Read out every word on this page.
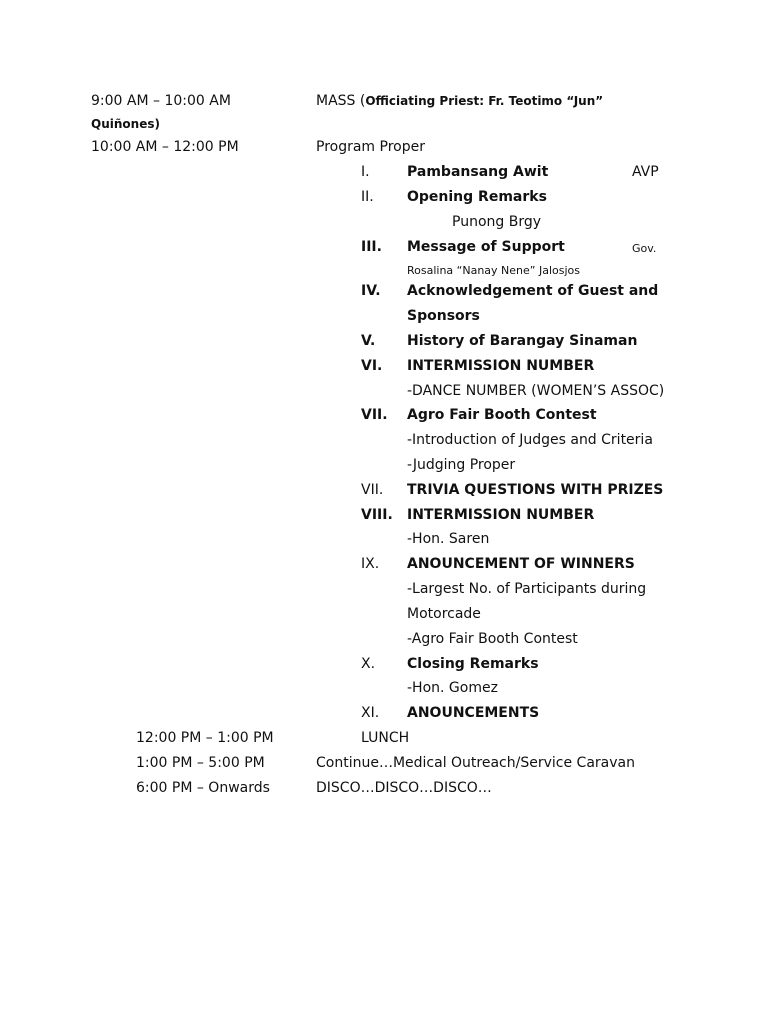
9:00 AM – 10:00 AM	MASS (Officiating Priest: Fr. Teotimo “Jun”
Quiñones)
10:00 AM – 12:00 PM	Program Proper
I.	Pambansang Awit	AVP
II. Opening Remarks
Punong Brgy
III. Message of Support	Gov.
Rosalina “Nanay Nene” Jalosjos
IV. Acknowledgement of Guest and
Sponsors
V. History of Barangay Sinaman
VI. INTERMISSION NUMBER
-DANCE NUMBER (WOMEN’S ASSOC)
VII. Agro Fair Booth Contest
-Introduction of Judges and Criteria
-Judging Proper
VII. TRIVIA QUESTIONS WITH PRIZES
VIII. INTERMISSION NUMBER
-Hon. Saren
IX. ANOUNCEMENT OF WINNERS
-Largest No. of Participants during
Motorcade
-Agro Fair Booth Contest
X. Closing Remarks
-Hon. Gomez
XI. ANOUNCEMENTS
12:00 PM – 1:00 PM	LUNCH
1:00 PM – 5:00 PM	Continue…Medical Outreach/Service Caravan
6:00 PM – Onwards	DISCO…DISCO…DISCO…
